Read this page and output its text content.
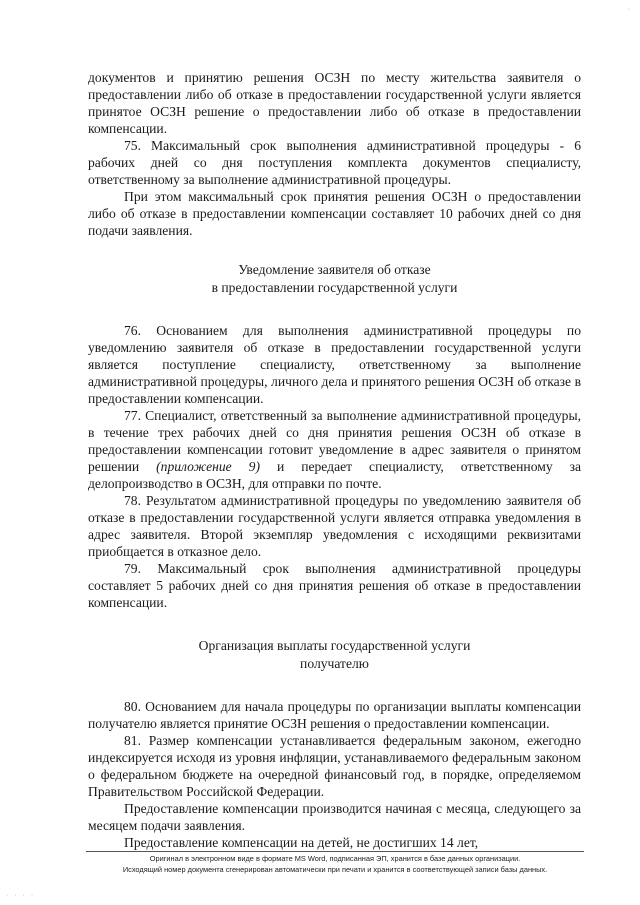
·

документов и принятию решения ОСЗН по месту жительства заявителя о предоставлении либо об отказе в предоставлении государственной услуги является принятое ОСЗН решение о предоставлении либо об отказе в предоставлении компенсации.

75. Максимальный срок выполнения административной процедуры - 6 рабочих дней со дня поступления комплекта документов специалисту, ответственному за выполнение административной процедуры.

При этом максимальный срок принятия решения ОСЗН о предоставлении либо об отказе в предоставлении компенсации составляет 10 рабочих дней со дня подачи заявления.

Уведомление заявителя об отказе
в предоставлении государственной услуги

76. Основанием для выполнения административной процедуры по уведомлению заявителя об отказе в предоставлении государственной услуги является поступление специалисту, ответственному за выполнение административной процедуры, личного дела и принятого решения ОСЗН об отказе в предоставлении компенсации.

77. Специалист, ответственный за выполнение административной процедуры, в течение трех рабочих дней со дня принятия решения ОСЗН об отказе в предоставлении компенсации готовит уведомление в адрес заявителя о принятом решении (приложение 9) и передает специалисту, ответственному за делопроизводство в ОСЗН, для отправки по почте.

78. Результатом административной процедуры по уведомлению заявителя об отказе в предоставлении государственной услуги является отправка уведомления в адрес заявителя. Второй экземпляр уведомления с исходящими реквизитами приобщается в отказное дело.

79. Максимальный срок выполнения административной процедуры составляет 5 рабочих дней со дня принятия решения об отказе в предоставлении компенсации.

Организация выплаты государственной услуги
получателю

80. Основанием для начала процедуры по организации выплаты компенсации получателю является принятие ОСЗН решения о предоставлении компенсации.

81. Размер компенсации устанавливается федеральным законом, ежегодно индексируется исходя из уровня инфляции, устанавливаемого федеральным законом о федеральном бюджете на очередной финансовый год, в порядке, определяемом Правительством Российской Федерации.

Предоставление компенсации производится начиная с месяца, следующего за месяцем подачи заявления.

Предоставление компенсации на детей, не достигших 14 лет,

Оригинал в электронном виде в формате MS Word, подписанная ЭП, хранится в базе данных организации.
Исходящий номер документа сгенерирован автоматически при печати и хранится в соответствующей записи базы данных.
· · · ·
